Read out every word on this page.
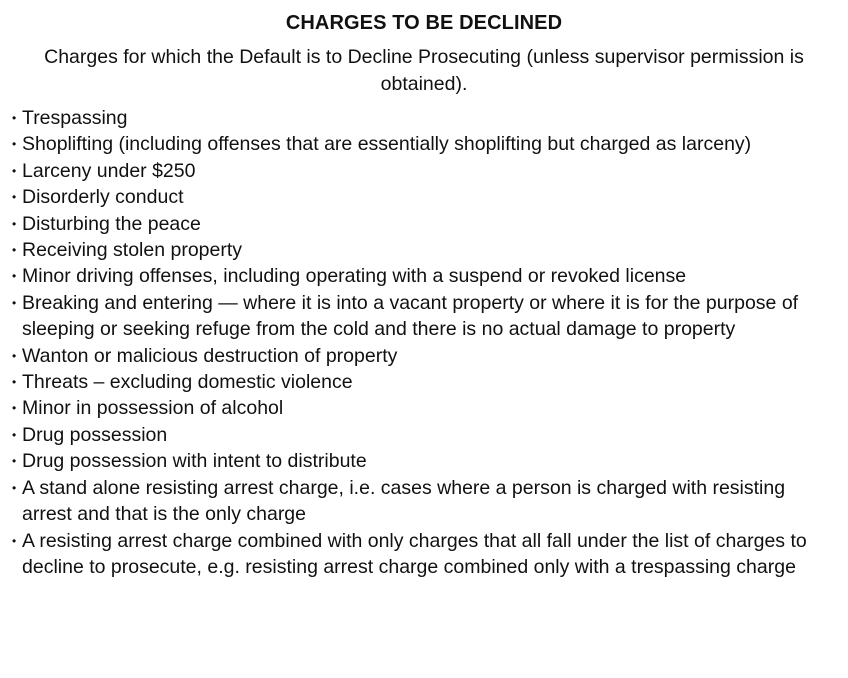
CHARGES TO BE DECLINED

Charges for which the Default is to Decline Prosecuting (unless supervisor permission is obtained).

• Trespassing
• Shoplifting (including offenses that are essentially shoplifting but charged as larceny)
• Larceny under $250
• Disorderly conduct
• Disturbing the peace
• Receiving stolen property
• Minor driving offenses, including operating with a suspend or revoked license
• Breaking and entering — where it is into a vacant property or where it is for the purpose of sleeping or seeking refuge from the cold and there is no actual damage to property
• Wanton or malicious destruction of property
• Threats – excluding domestic violence
• Minor in possession of alcohol
• Drug possession
• Drug possession with intent to distribute
• A stand alone resisting arrest charge, i.e. cases where a person is charged with resisting arrest and that is the only charge
• A resisting arrest charge combined with only charges that all fall under the list of charges to decline to prosecute, e.g. resisting arrest charge combined only with a trespassing charge
